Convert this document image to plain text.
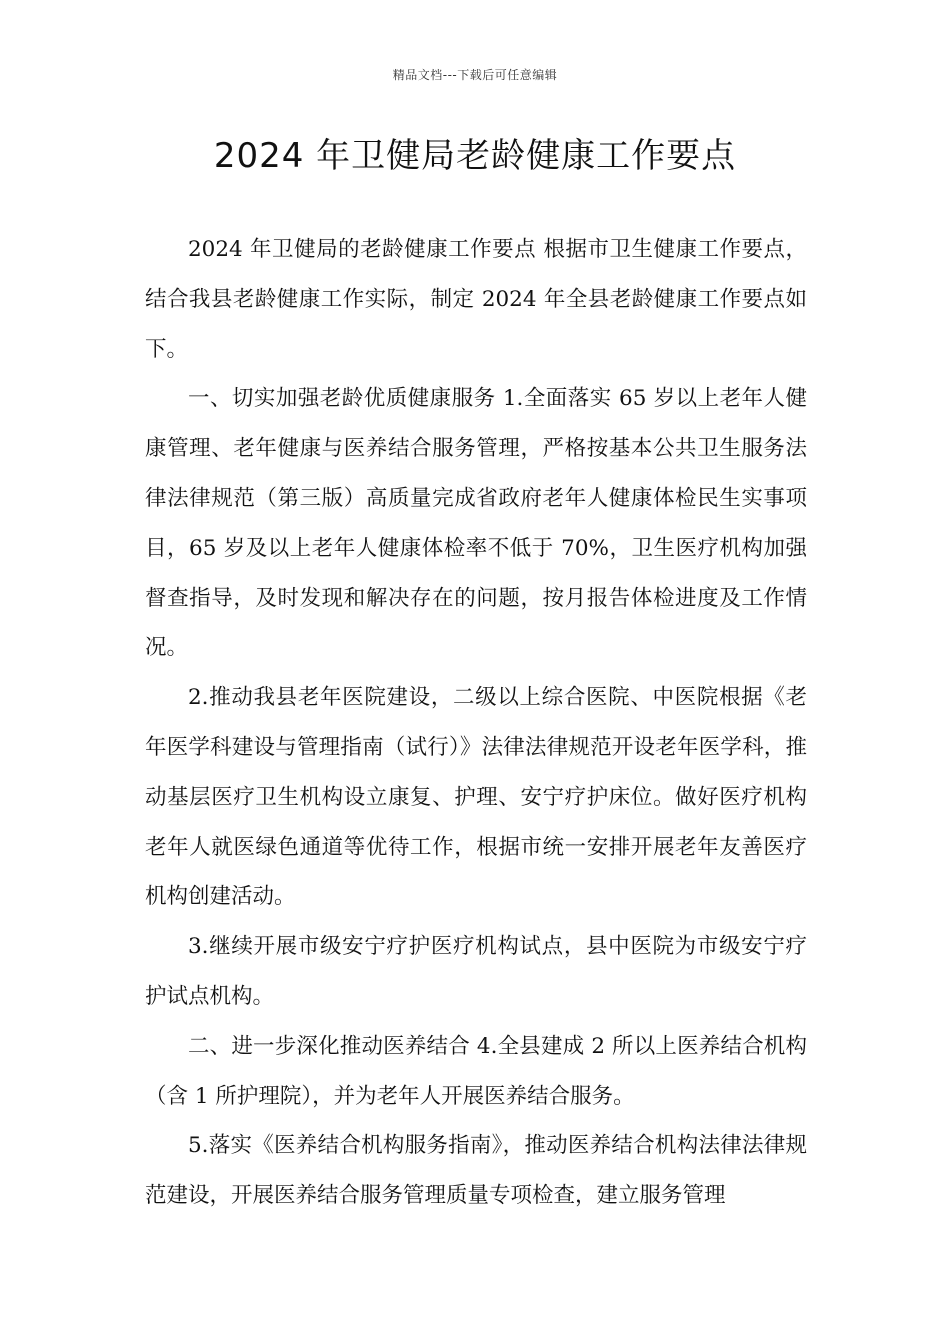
精品文档---下载后可任意编辑
2024 年卫健局老龄健康工作要点

2024 年卫健局的老龄健康工作要点 根据市卫生健康工作要点，结合我县老龄健康工作实际，制定 2024 年全县老龄健康工作要点如下。

一、切实加强老龄优质健康服务 1.全面落实 65 岁以上老年人健康管理、老年健康与医养结合服务管理，严格按基本公共卫生服务法律法律规范（第三版）高质量完成省政府老年人健康体检民生实事项目，65 岁及以上老年人健康体检率不低于 70%，卫生医疗机构加强督查指导，及时发现和解决存在的问题，按月报告体检进度及工作情况。

2.推动我县老年医院建设，二级以上综合医院、中医院根据《老年医学科建设与管理指南（试行）》法律法律规范开设老年医学科，推动基层医疗卫生机构设立康复、护理、安宁疗护床位。做好医疗机构老年人就医绿色通道等优待工作，根据市统一安排开展老年友善医疗机构创建活动。

3.继续开展市级安宁疗护医疗机构试点，县中医院为市级安宁疗护试点机构。

二、进一步深化推动医养结合 4.全县建成 2 所以上医养结合机构（含 1 所护理院），并为老年人开展医养结合服务。

5.落实《医养结合机构服务指南》，推动医养结合机构法律法律规范建设，开展医养结合服务管理质量专项检查，建立服务管理
